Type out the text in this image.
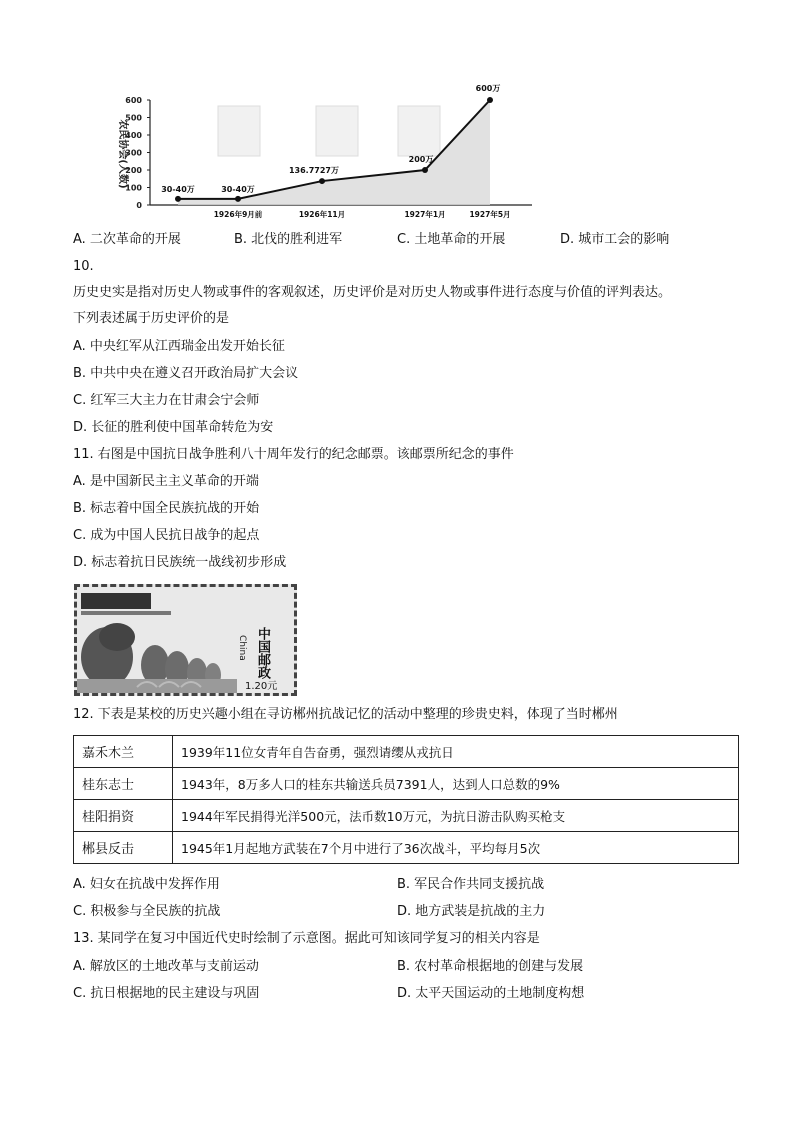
0
100
200
300
400
500
600
30-40万	30-40万
136.7727万
200万
600万
1926年9月前	1926年11月	1927年1月	1927年5月
农民协会(人数)
A. 二次革命的开展	B. 北伐的胜利进军	C. 土地革命的开展	D. 城市工会的影响
10.
历史史实是指对历史人物或事件的客观叙述，历史评价是对历史人物或事件进行态度与价值的评判表达。
下列表述属于历史评价的是
A. 中央红军从江西瑞金出发开始长征
B. 中共中央在遵义召开政治局扩大会议
C. 红军三大主力在甘肃会宁会师
D. 长征的胜利使中国革命转危为安
11. 右图是中国抗日战争胜利八十周年发行的纪念邮票。该邮票所纪念的事件
A. 是中国新民主主义革命的开端
B. 标志着中国全民族抗战的开始
C. 成为中国人民抗日战争的起点
D. 标志着抗日民族统一战线初步形成
China 中国邮政
1.20元
12. 下表是某校的历史兴趣小组在寻访郴州抗战记忆的活动中整理的珍贵史料，体现了当时郴州
嘉禾木兰	1939年11位女青年自告奋勇，强烈请缨从戎抗日
桂东志士	1943年，8万多人口的桂东共输送兵员7391人，达到人口总数的9%
桂阳捐资	1944年军民捐得光洋500元，法币数10万元，为抗日游击队购买枪支
郴县反击	1945年1月起地方武装在7个月中进行了36次战斗，平均每月5次
A. 妇女在抗战中发挥作用	B. 军民合作共同支援抗战
C. 积极参与全民族的抗战	D. 地方武装是抗战的主力
13. 某同学在复习中国近代史时绘制了示意图。据此可知该同学复习的相关内容是
A. 解放区的土地改革与支前运动	B. 农村革命根据地的创建与发展
C. 抗日根据地的民主建设与巩固	D. 太平天国运动的土地制度构想
